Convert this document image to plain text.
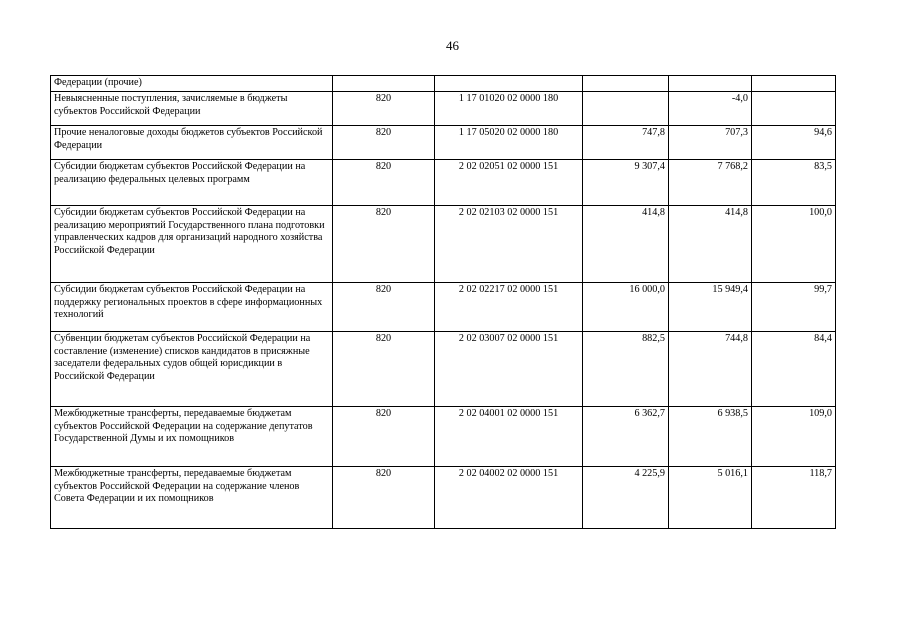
46
Федерации (прочие)					
Невыясненные поступления, зачисляемые в бюджеты субъектов Российской Федерации	820	1 17 01020 02 0000 180		-4,0	
Прочие неналоговые доходы бюджетов субъектов Российской Федерации	820	1 17 05020 02 0000 180	747,8	707,3	94,6
Субсидии бюджетам субъектов Российской Федерации на реализацию федеральных целевых программ	820	2 02 02051 02 0000 151	9 307,4	7 768,2	83,5
Субсидии бюджетам субъектов Российской Федерации на реализацию мероприятий Государственного плана подготовки управленческих кадров для организаций народного хозяйства Российской Федерации	820	2 02 02103 02 0000 151	414,8	414,8	100,0
Субсидии бюджетам субъектов Российской Федерации на поддержку региональных проектов в сфере информационных технологий	820	2 02 02217 02 0000 151	16 000,0	15 949,4	99,7
Субвенции бюджетам субъектов Российской Федерации на составление (изменение) списков кандидатов в присяжные заседатели федеральных судов общей юрисдикции в Российской Федерации	820	2 02 03007 02 0000 151	882,5	744,8	84,4
Межбюджетные трансферты, передаваемые бюджетам субъектов Российской Федерации на содержание депутатов Государственной Думы и их помощников	820	2 02 04001 02 0000 151	6 362,7	6 938,5	109,0
Межбюджетные трансферты, передаваемые бюджетам субъектов Российской Федерации на содержание членов Совета Федерации и их помощников	820	2 02 04002 02 0000 151	4 225,9	5 016,1	118,7
